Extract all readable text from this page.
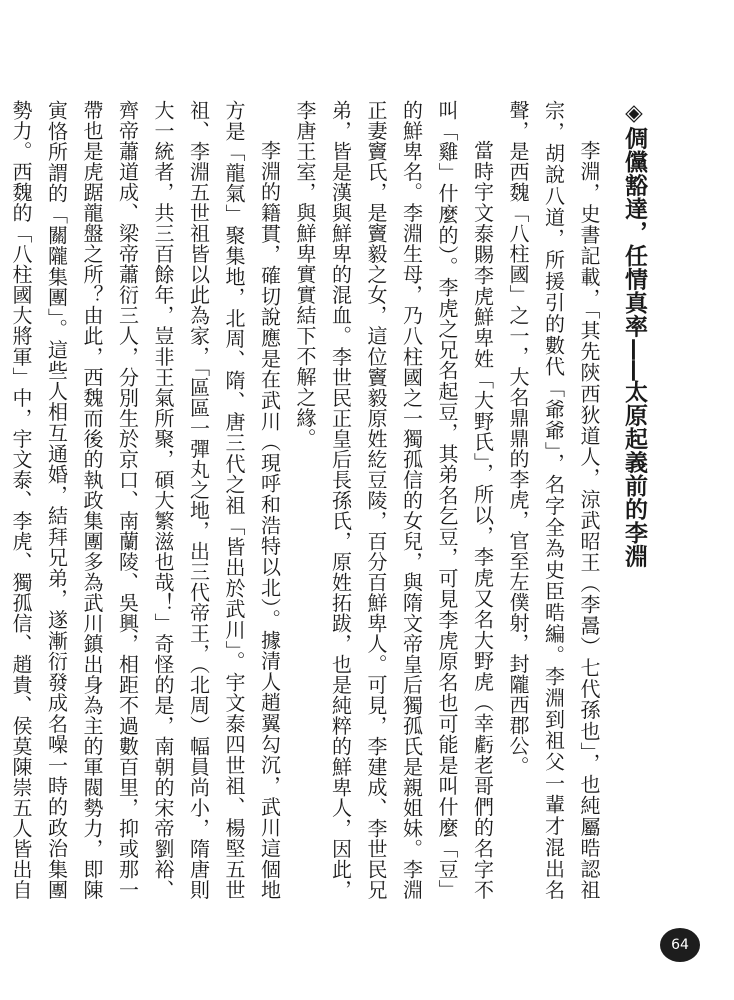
◈倜儻豁達，任情真率——太原起義前的李淵

李淵，史書記載，「其先陝西狄道人，涼武昭王（李暠）七代孫也」，也純屬晧認祖宗，胡說八道，所援引的數代「爺爺」，名字全為史臣晧編。李淵到祖父一輩才混出名聲，是西魏「八柱國」之一，大名鼎鼎的李虎，官至左僕射，封隴西郡公。

當時宇文泰賜李虎鮮卑姓「大野氏」，所以，李虎又名大野虎（幸虧老哥們的名字不叫「雞」什麼的）。李虎之兄名起豆，其弟名乞豆，可見李虎原名也可能是叫什麼「豆」的鮮卑名。李淵生母，乃八柱國之一獨孤信的女兒，與隋文帝皇后獨孤氏是親姐妹。李淵正妻竇氏，是竇毅之女，這位竇毅原姓紇豆陵，百分百鮮卑人。可見，李建成、李世民兄弟，皆是漢與鮮卑的混血。李世民正皇后長孫氏，原姓拓跋，也是純粹的鮮卑人，因此，李唐王室，與鮮卑實實結下不解之緣。

李淵的籍貫，確切說應是在武川（現呼和浩特以北）。據清人趙翼勾沉，武川這個地方是「龍氣」聚集地，北周、隋、唐三代之祖「皆出於武川」。宇文泰四世祖、楊堅五世祖、李淵五世祖皆以此為家，「區區一彈丸之地，出三代帝王，（北周）幅員尚小，隋唐則大一統者，共三百餘年，豈非王氣所聚，碩大繁滋也哉！」奇怪的是，南朝的宋帝劉裕、齊帝蕭道成、梁帝蕭衍三人，分別生於京口、南蘭陵、吳興，相距不過數百里，抑或那一帶也是虎踞龍盤之所？由此，西魏而後的執政集團多為武川鎮出身為主的軍閥勢力，即陳寅恪所謂的「關隴集團」。這些人相互通婚，結拜兄弟，遂漸衍發成名噪一時的政治集團勢力。西魏的「八柱國大將軍」中，宇文泰、李虎、獨孤信、趙貴、侯莫陳崇五人皆出自

64
